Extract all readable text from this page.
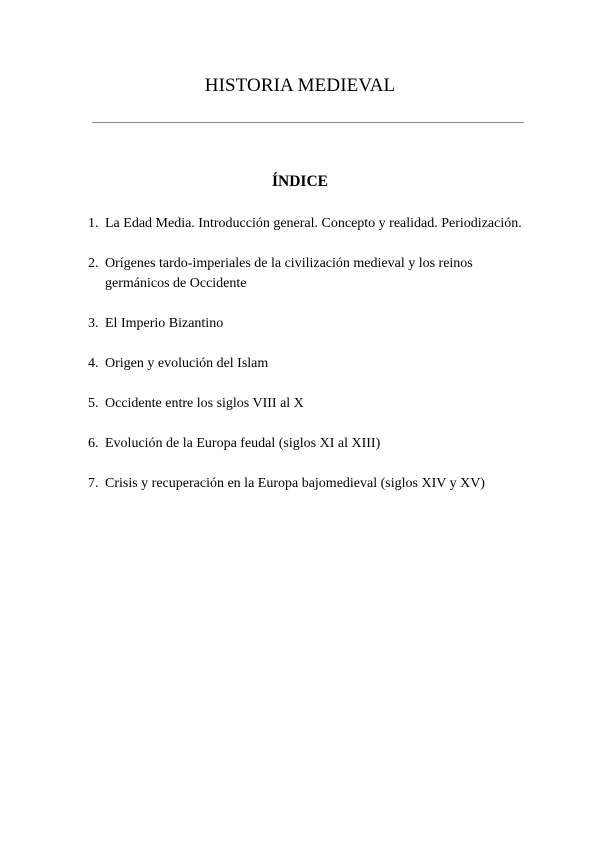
HISTORIA MEDIEVAL
ÍNDICE
1. La Edad Media. Introducción general. Concepto y realidad. Periodización.
2. Orígenes tardo-imperiales de la civilización medieval y los reinos germánicos de Occidente
3. El Imperio Bizantino
4. Origen y evolución del Islam
5. Occidente entre los siglos VIII al X
6. Evolución de la Europa feudal (siglos XI al XIII)
7. Crisis y recuperación en la Europa bajomedieval (siglos XIV y XV)
